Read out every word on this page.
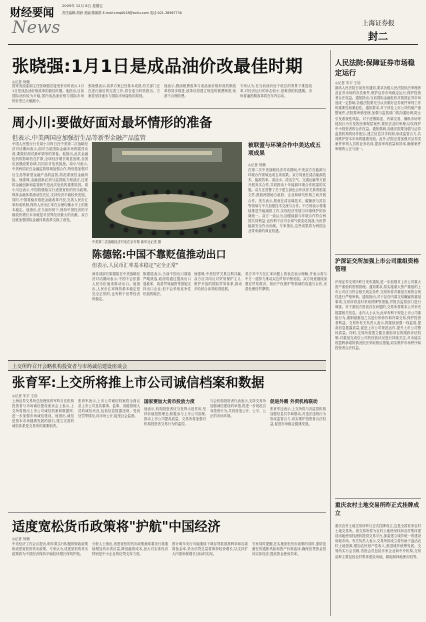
财经要闻 2009年 12月 8日 星期五
责任编辑:胡润 美编:黎雄群 E-mail:cmq0018@sohu.com 电话:021-38967730
News	上海证券报
封二
张晓强:1月1日是成品油价改最佳时期
◎记者 何楠
国家发改委副主任张晓强在接受采访时表示,1月1日是成品油价格改革的最佳时期。他指出,目前国际油价较为平稳,国内成品油价格与国际市场的价差已大幅缩小。
张晓强表示,改革方案已经基本成熟,有关部门正在进行最后的完善工作,将在适当时机推出。方案将坚持逐步与国际市场接轨的原则。
他表示,燃油税费改革与成品油价格形成机制改革将同步推进,改革后将建立规范的税费制度,取消不合理收费。
专家认为,在当前油价处于低位的背景下推进改革,对经济运行的冲击较小,是难得的机遇期。市场普遍预期改革将在年内启动。
人民法院:保障证券市场稳定运行
◎记者 朱宇 王培
最高人民法院日前发布通知,要求各级人民法院依法审理涉及证券市场的各类案件,维护证券市场稳定运行,保护投资者合法权益。通知指出,当前国际金融危机对我国证券市场造成一定影响,各级法院要充分认识做好证券案件审判工作的重要性和紧迫性。通知要求,对于涉及上市公司的破产重整案件,法院要审慎受理,加强与监管部门的沟通协调,防止引发系统性风险。对于虚假陈述、内幕交易、操纵市场等侵权行为引发的民事赔偿案件,要依法及时审理,切实保护中小投资者的合法权益。通知强调,各级法院要加强与证券监管机构的协作配合,建立信息共享机制,形成监管合力,共同维护资本市场的健康发展。此外,法院还将加强对证券类案件审判人员的业务培训,提高审判质量和效率,确保案件审理的公正与统一。
沪深证交所加强上市公司重组资格管理
沪深证券交易所昨日发布通知,进一步加强对上市公司重大资产重组的资格管理。通知要求,拟实施重大资产重组的上市公司应当符合相关规定条件,交易所将对重组方案的合规性进行严格审核。通知指出,对于存在内幕交易嫌疑的重组事项,交易所将及时采取停牌等措施,并报告监管部门进行调查。对于重组方资质存在问题的,交易所将要求公司补充披露相关信息。业内人士认为,此举有利于规范上市公司重组行为,遏制借重组之名进行的炒作和内幕交易,保护投资者利益。交易所有关负责人表示,将继续加强一线监管,提高信息披露质量,促进上市公司规范运作,提升上市公司整体质量。同时,交易所将建立健全重组项目的跟踪评估机制,对重组完成后公司的经营状况进行持续关注,对未能实现盈利承诺的情况依法采取相应措施,切实维护市场秩序和投资者合法权益。
重庆农村土地交易所昨正式挂牌成立
重庆农村土地交易所昨日正式挂牌成立,这是全国首家农村土地交易所。该交易所将为农村土地使用权和农村集体建设用地使用权流转提供交易平台,探索建立城乡统一的建设用地市场。有关负责人表示,交易所的成立将有助于盘活农村土地资源,增加农民财产性收入,推进城乡统筹发展。交易所实行会员制,首批会员包括多家企业和中介机构,交易品种主要包括农村集体建设用地、耕地和林地使用权等。
周小川:要做好面对最坏情形的准备
但表示,中美两国应加强衍生品等新型金融产品监管
中国人民银行行长周小川昨日在中美第二次战略经济对话期间表示,面对当前国际金融市场的剧烈动荡,要做好面对最坏情形的准备。他指出,此次金融危机的影响仍在扩散,全球经济增长明显放缓,各国应加强政策协调,共同应对危机挑战。周小川表示,中美两国应在金融监管领域加强合作,特别是加强对衍生品等新型金融产品的监管,防范系统性金融风险。他强调,金融创新必须与监管能力相适应,过度的金融创新和监管缺失是此次危机的重要原因。周小川还表示,中国将继续实行适度宽松的货币政策,保持金融体系流动性充足,支持经济平稳较快发展。同时,中国将稳步推进金融改革开放,完善人民币汇率形成机制,保持人民币汇率在合理均衡水平上的基本稳定。他指出,在当前形势下,保持中国经济的平稳较快增长本身就是对世界经济最大的贡献。双方还就加强国际金融体系改革交换了意见。
中美第二次战略经济对话在京开幕 新华社记者 摄
被联盟与环境合作中美达成五项成果
◎记者 何楠
在第二次中美战略经济对话期间,中美双方在能源与环境合作领域达成五项成果。双方同意在清洁能源技术、能源效率、清洁水、清洁空气、交通运输等方面开展务实合作,共同推动十年能源环境合作框架的实施。双方还签署了关于建立绿色合作伙伴关系的框架文件,鼓励两国地方政府、企业和研究机构之间开展合作。美方表示,愿意在清洁煤技术、碳捕获与封存等领域与中方加强技术交流与合作。中方则表示将继续推进节能减排工作,实现经济发展与环境保护的协调统一。双方一致认为,加强能源与环境合作符合两国共同利益,也有利于应对全球气候变化挑战,为世界能源安全作出贡献。专家指出,这些成果将为两国企业带来新的商业机遇。
陈德铭:中国不靠贬值推动出口
但表示,人民币汇率基本稳定"完全正常"
商务部部长陈德铭在中美战略经济对话期间表示,中国不会依靠人民币贬值来推动出口。他指出,人民币汇率保持基本稳定是完全正常的,也有利于世界经济的稳定。
陈德铭表示,当前中国出口面临严峻挑战,政府将通过提高出口退税率、改善贸易融资等措施支持出口企业,但不会采取竞争性贬值的做法。
他强调,中美经贸关系互利共赢,双方应共同反对贸易保护主义,维护开放的国际贸易体系,推动多哈回合谈判取得进展。
美方对中方在汇率问题上的表态表示理解,并表示将与中方一道努力推动双边贸易平衡发展。双方同意继续加强在贸易救济、知识产权保护等领域的沟通与合作,妥善处理经贸摩擦。
上交所昨召开会略机构投资者与市场诚信建设座谈会
张育军:上交所将推上市公司诚信档案和数据
◎记者 朱宇 王培
上海证券交易所总经理张育军昨日在机构投资者与市场诚信建设座谈会上表示,上交所将推出上市公司诚信档案和数据库,进一步加强市场诚信建设。他指出,诚信是资本市场健康发展的基石,建立完善的诚信体系是交易所的重要职责。
张育军表示,上市公司诚信档案将全面记录上市公司及其董事、监事、高级管理人员的诚信状况,包括信息披露违规、受到处罚等情况,向市场公开,接受社会监督。
国家要加大货币投放力度
他表示,机构投资者应当发挥示范作用,坚持价值投资理念,积极参与上市公司治理,推动上市公司提高质量。交易所将加强对机构投资者交易行为的监控。
与会机构投资者代表表示,支持交易所加强诚信建设的举措,将进一步规范自身投资行为,共同营造公开、公平、公正的市场环境。
促进外需 外贸机构联动
张育军还表示,上交所将与各监管机构加强信息共享和联动,对违法违规行为形成监管合力,切实维护投资者合法权益,促进市场稳定健康发展。
适度宽松货币政策将"护航"中国经济
◎记者 何楠
中央经济工作会议提出,明年要实行积极的财政政策和适度宽松的货币政策。专家认为,适度宽松的货币政策将为中国经济保持平稳较快增长保驾护航。
分析人士指出,适度宽松的货币政策意味着央行将继续增加货币供应量,降低融资成本,加大对实体经济特别是中小企业的信贷支持力度。
预计明年央行可能继续下调存贷款基准利率和存款准备金率,货币信贷总量将保持较快增长,以支持扩大内需和保增长目标的实现。
专家同时提醒,在实施宽松货币政策的同时,需防范潜在的通胀风险和资产价格泡沫,确保信贷资金投向实体经济,提高资金使用效率。
